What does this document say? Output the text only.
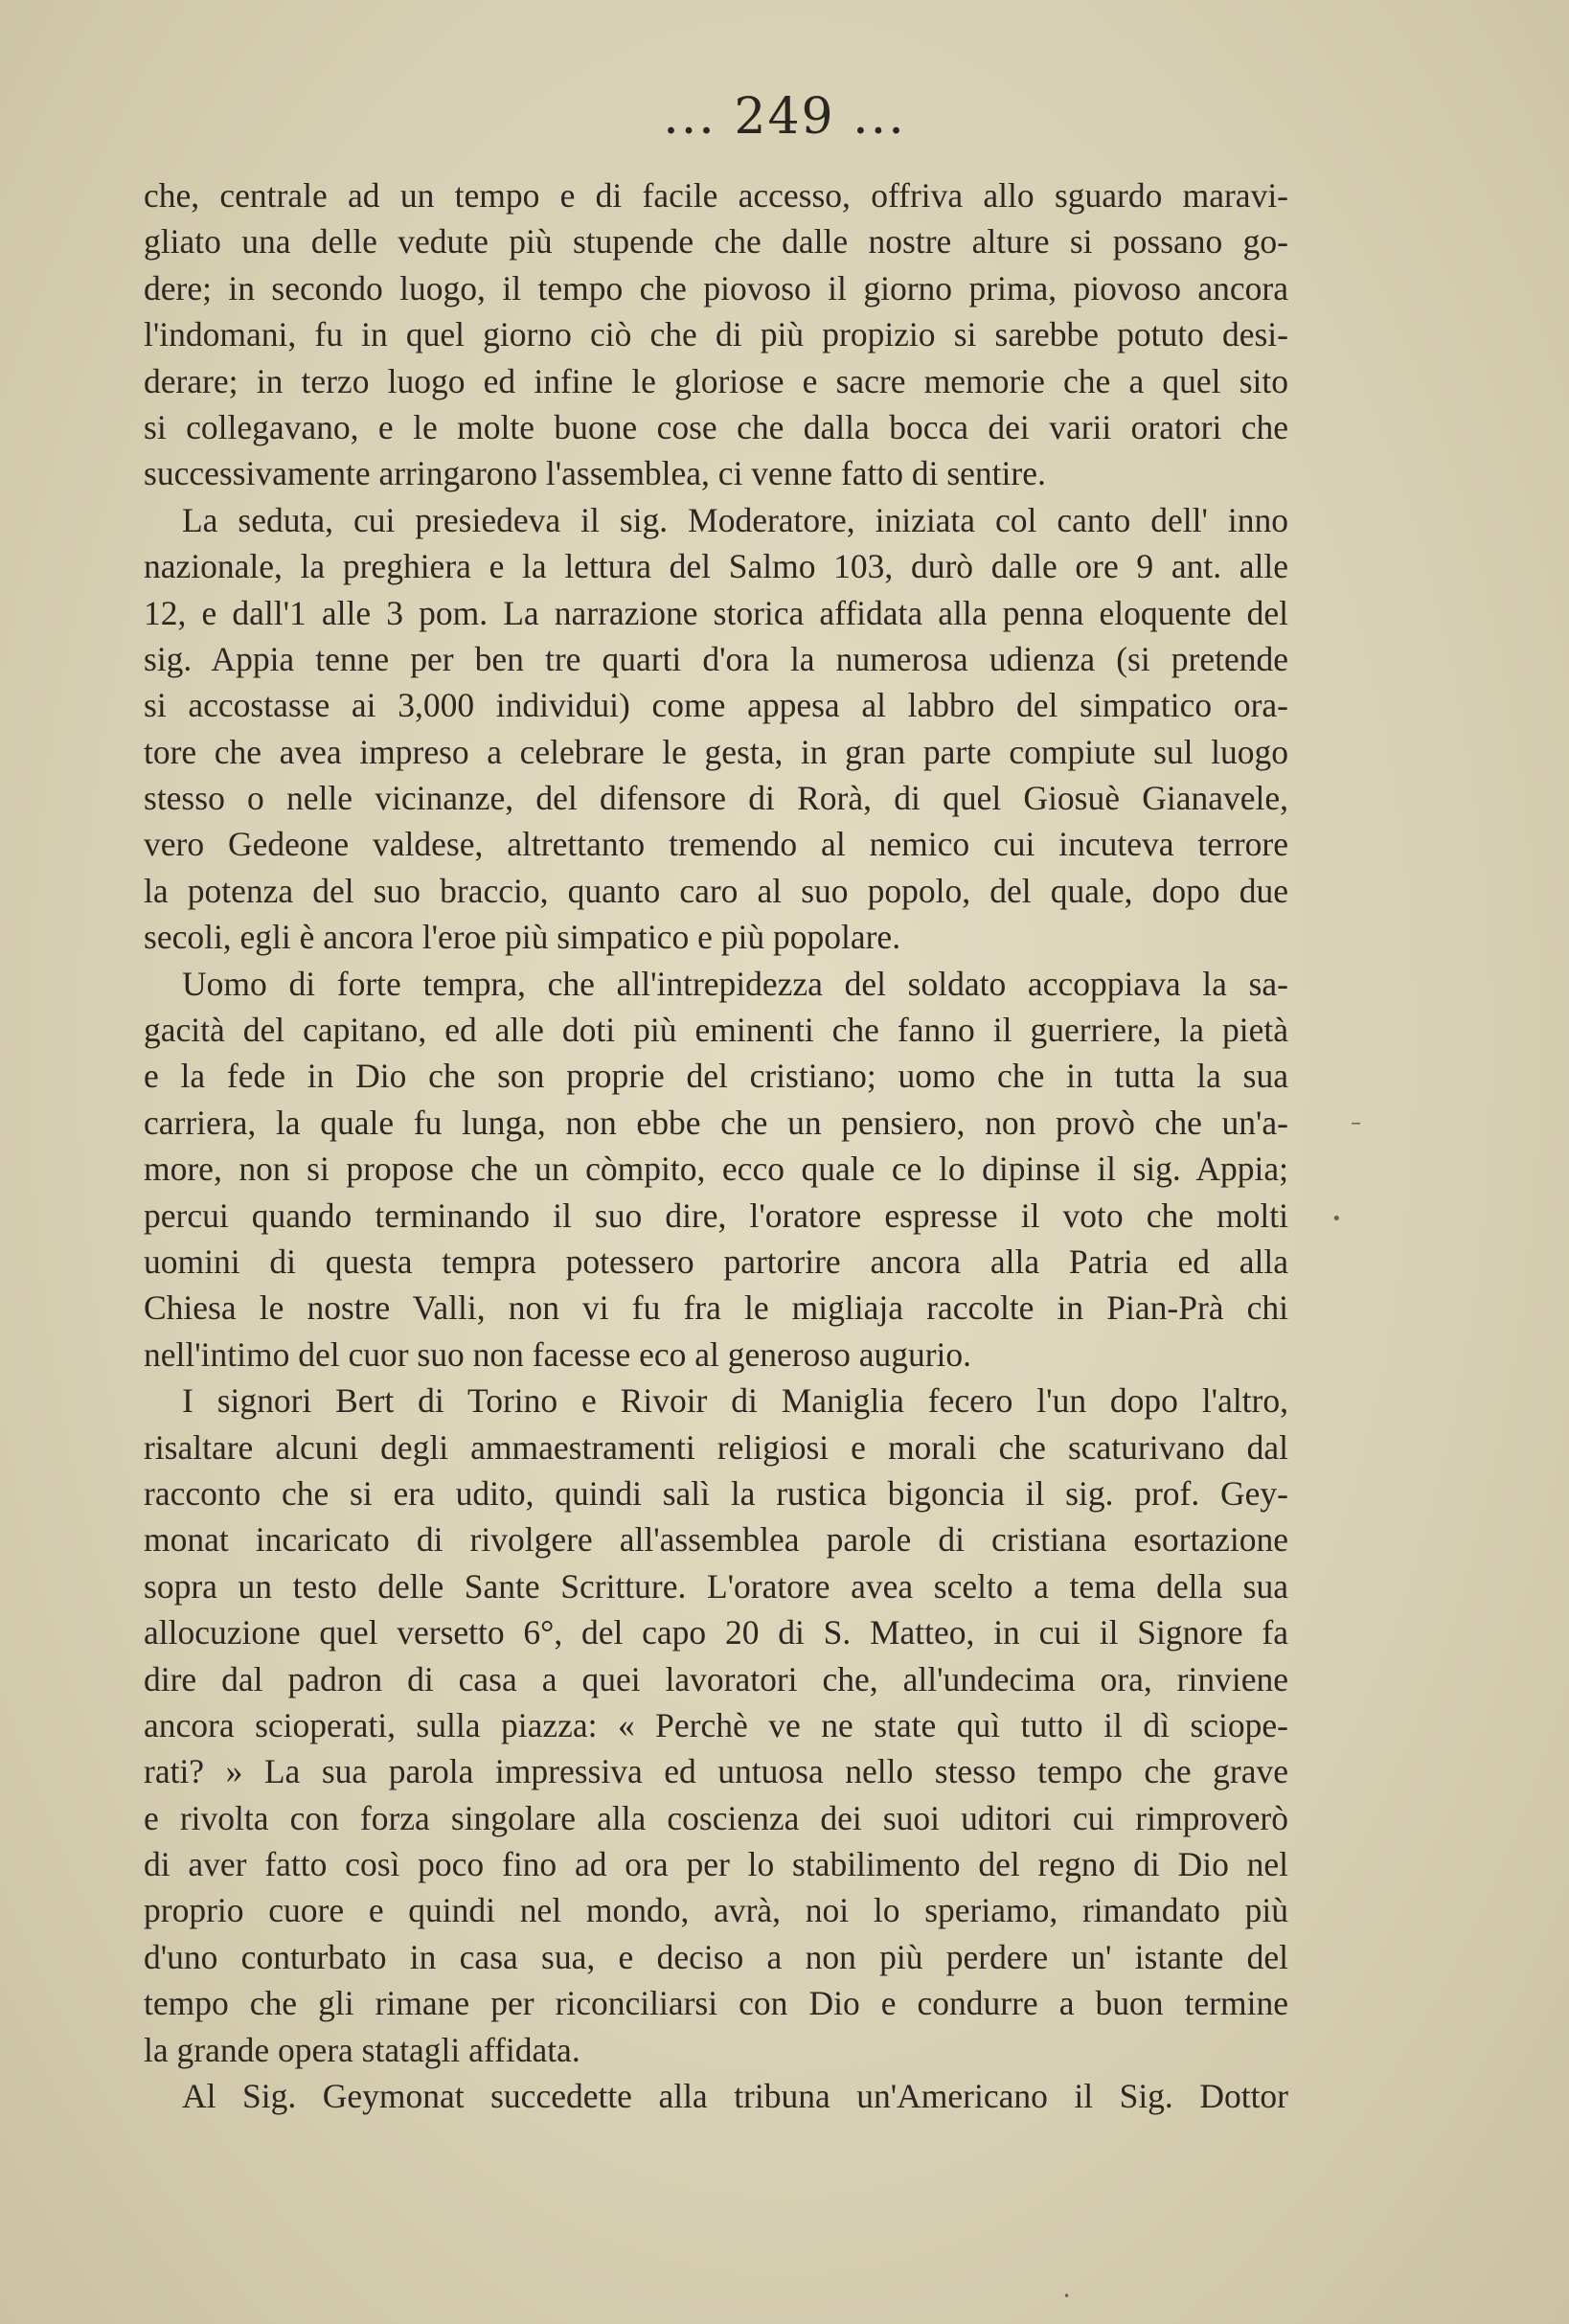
... 249 ...
che, centrale ad un tempo e di facile accesso, offriva allo sguardo maravi-
gliato una delle vedute più stupende che dalle nostre alture si possano go-
dere; in secondo luogo, il tempo che piovoso il giorno prima, piovoso ancora
l'indomani, fu in quel giorno ciò che di più propizio si sarebbe potuto desi-
derare; in terzo luogo ed infine le gloriose e sacre memorie che a quel sito
si collegavano, e le molte buone cose che dalla bocca dei varii oratori che
successivamente arringarono l'assemblea, ci venne fatto di sentire.
La seduta, cui presiedeva il sig. Moderatore, iniziata col canto dell' inno
nazionale, la preghiera e la lettura del Salmo 103, durò dalle ore 9 ant. alle
12, e dall'1 alle 3 pom. La narrazione storica affidata alla penna eloquente del
sig. Appia tenne per ben tre quarti d'ora la numerosa udienza (si pretende
si accostasse ai 3,000 individui) come appesa al labbro del simpatico ora-
tore che avea impreso a celebrare le gesta, in gran parte compiute sul luogo
stesso o nelle vicinanze, del difensore di Rorà, di quel Giosuè Gianavele,
vero Gedeone valdese, altrettanto tremendo al nemico cui incuteva terrore
la potenza del suo braccio, quanto caro al suo popolo, del quale, dopo due
secoli, egli è ancora l'eroe più simpatico e più popolare.
Uomo di forte tempra, che all'intrepidezza del soldato accoppiava la sa-
gacità del capitano, ed alle doti più eminenti che fanno il guerriere, la pietà
e la fede in Dio che son proprie del cristiano; uomo che in tutta la sua
carriera, la quale fu lunga, non ebbe che un pensiero, non provò che un'a-
more, non si propose che un còmpito, ecco quale ce lo dipinse il sig. Appia;
percui quando terminando il suo dire, l'oratore espresse il voto che molti
uomini di questa tempra potessero partorire ancora alla Patria ed alla
Chiesa le nostre Valli, non vi fu fra le migliaja raccolte in Pian-Prà chi
nell'intimo del cuor suo non facesse eco al generoso augurio.
I signori Bert di Torino e Rivoir di Maniglia fecero l'un dopo l'altro,
risaltare alcuni degli ammaestramenti religiosi e morali che scaturivano dal
racconto che si era udito, quindi salì la rustica bigoncia il sig. prof. Gey-
monat incaricato di rivolgere all'assemblea parole di cristiana esortazione
sopra un testo delle Sante Scritture. L'oratore avea scelto a tema della sua
allocuzione quel versetto 6°, del capo 20 di S. Matteo, in cui il Signore fa
dire dal padron di casa a quei lavoratori che, all'undecima ora, rinviene
ancora scioperati, sulla piazza: « Perchè ve ne state quì tutto il dì sciope-
rati? » La sua parola impressiva ed untuosa nello stesso tempo che grave
e rivolta con forza singolare alla coscienza dei suoi uditori cui rimproverò
di aver fatto così poco fino ad ora per lo stabilimento del regno di Dio nel
proprio cuore e quindi nel mondo, avrà, noi lo speriamo, rimandato più
d'uno conturbato in casa sua, e deciso a non più perdere un' istante del
tempo che gli rimane per riconciliarsi con Dio e condurre a buon termine
la grande opera statagli affidata.
Al Sig. Geymonat succedette alla tribuna un'Americano il Sig. Dottor
–
•
•
